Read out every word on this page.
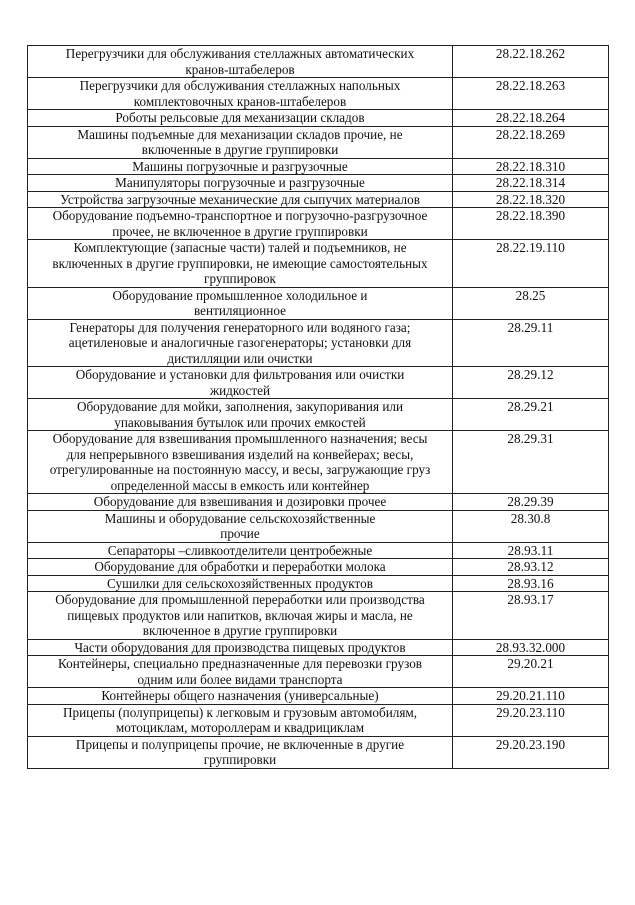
Перегрузчики для обслуживания стеллажных автоматических
кранов-штабелеров	28.22.18.262
Перегрузчики для обслуживания стеллажных напольных
комплектовочных кранов-штабелеров	28.22.18.263
Роботы рельсовые для механизации складов	28.22.18.264
Машины подъемные для механизации складов прочие, не
включенные в другие группировки	28.22.18.269
Машины погрузочные и разгрузочные	28.22.18.310
Манипуляторы погрузочные и разгрузочные	28.22.18.314
Устройства загрузочные механические для сыпучих материалов	28.22.18.320
Оборудование подъемно-транспортное и погрузочно-разгрузочное
прочее, не включенное в другие группировки	28.22.18.390
Комплектующие (запасные части) талей и подъемников, не
включенных в другие группировки, не имеющие самостоятельных
группировок	28.22.19.110
Оборудование промышленное холодильное и
вентиляционное	28.25
Генераторы для получения генераторного или водяного газа;
ацетиленовые и аналогичные газогенераторы; установки для
дистилляции или очистки	28.29.11
Оборудование и установки для фильтрования или очистки
жидкостей	28.29.12
Оборудование для мойки, заполнения, закупоривания или
упаковывания бутылок или прочих емкостей	28.29.21
Оборудование для взвешивания промышленного назначения; весы
для непрерывного взвешивания изделий на конвейерах; весы,
отрегулированные на постоянную массу, и весы, загружающие груз
определенной массы в емкость или контейнер	28.29.31
Оборудование для взвешивания и дозировки прочее	28.29.39
Машины и оборудование сельскохозяйственные
прочие	28.30.8
Сепараторы –сливкоотделители центробежные	28.93.11
Оборудование для обработки и переработки молока	28.93.12
Сушилки для сельскохозяйственных продуктов	28.93.16
Оборудование для промышленной переработки или производства
пищевых продуктов или напитков, включая жиры и масла, не
включенное в другие группировки	28.93.17
Части оборудования для производства пищевых продуктов	28.93.32.000
Контейнеры, специально предназначенные для перевозки грузов
одним или более видами транспорта	29.20.21
Контейнеры общего назначения (универсальные)	29.20.21.110
Прицепы (полуприцепы) к легковым и грузовым автомобилям,
мотоциклам, мотороллерам и квадрициклам	29.20.23.110
Прицепы и полуприцепы прочие, не включенные в другие
группировки	29.20.23.190
